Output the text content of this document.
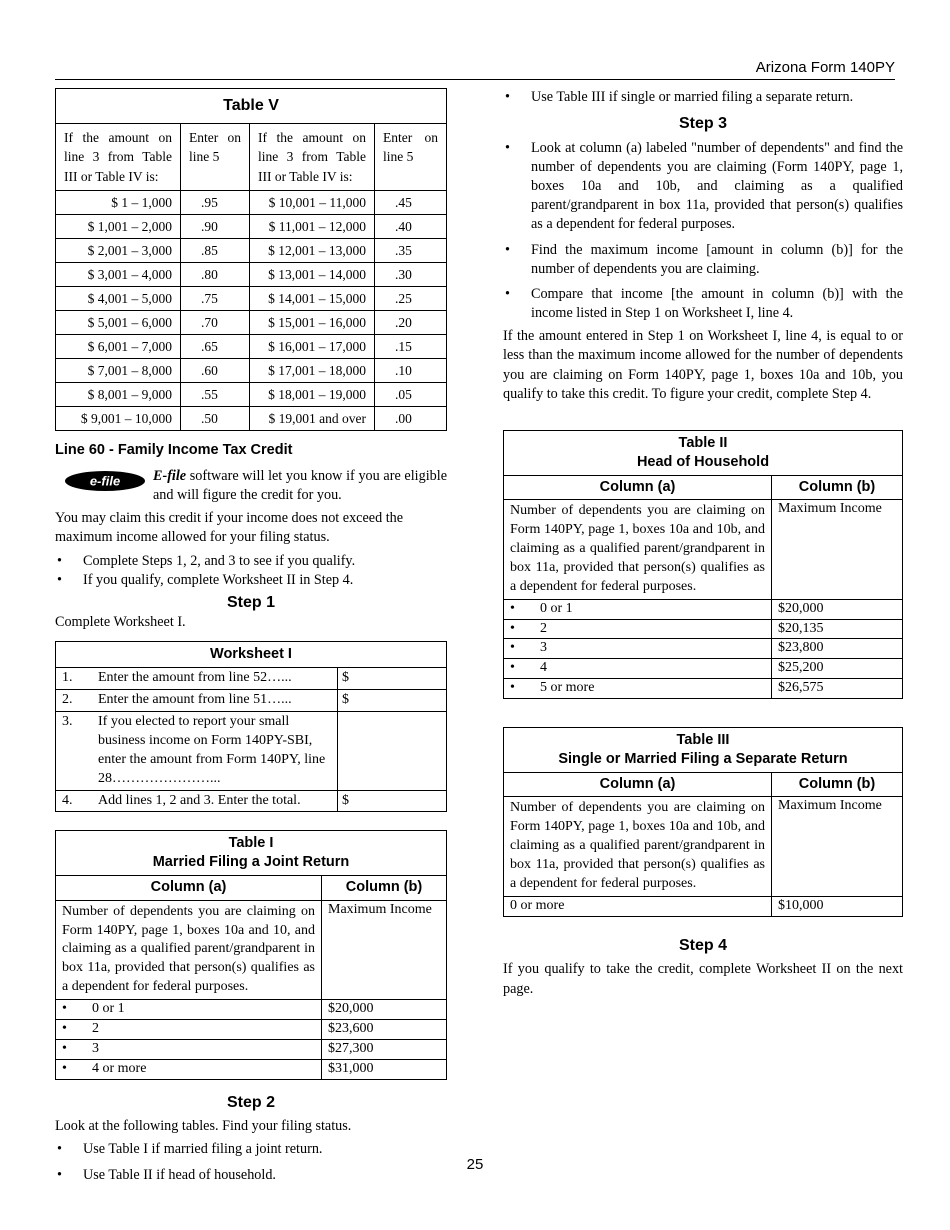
Arizona Form 140PY
Table V			
If the amount on line 3 from Table III or Table IV is:	Enter on line 5	If the amount on line 3 from Table III or Table IV is:	Enter on line 5
$ 1 – 1,000	.95	$ 10,001 – 11,000	.45
$ 1,001 – 2,000	.90	$ 11,001 – 12,000	.40
$ 2,001 – 3,000	.85	$ 12,001 – 13,000	.35
$ 3,001 – 4,000	.80	$ 13,001 – 14,000	.30
$ 4,001 – 5,000	.75	$ 14,001 – 15,000	.25
$ 5,001 – 6,000	.70	$ 15,001 – 16,000	.20
$ 6,001 – 7,000	.65	$ 16,001 – 17,000	.15
$ 7,001 – 8,000	.60	$ 17,001 – 18,000	.10
$ 8,001 – 9,000	.55	$ 18,001 – 19,000	.05
$ 9,001 – 10,000	.50	$ 19,001 and over	.00
Line 60 - Family Income Tax Credit
e-file E-file software will let you know if you are eligible and will figure the credit for you.

You may claim this credit if your income does not exceed the maximum income allowed for your filing status.

• Complete Steps 1, 2, and 3 to see if you qualify.
• If you qualify, complete Worksheet II in Step 4.
Step 1

Complete Worksheet I.

Worksheet I		
1.	Enter the amount from line 52…...	$
2.	Enter the amount from line 51…...	$
3.	If you elected to report your small business income on Form 140PY-SBI, enter the amount from Form 140PY, line 28…………………...	
4.	Add lines 1, 2 and 3. Enter the total.	$
Table I
Married Filing a Joint Return	
Column (a)	Column (b)
Number of dependents you are claiming on Form 140PY, page 1, boxes 10a and 10, and claiming as a qualified parent/grandparent in box 11a, provided that person(s) qualifies as a dependent for federal purposes.	Maximum Income
• 0 or 1	$20,000
• 2	$23,600
• 3	$27,300
• 4 or more	$31,000
Step 2

Look at the following tables. Find your filing status.

• Use Table I if married filing a joint return.
• Use Table II if head of household.
• Use Table III if single or married filing a separate return.
Step 3
• Look at column (a) labeled "number of dependents" and find the number of dependents you are claiming (Form 140PY, page 1, boxes 10a and 10b, and claiming as a qualified parent/grandparent in box 11a, provided that person(s) qualifies as a dependent for federal purposes.
• Find the maximum income [amount in column (b)] for the number of dependents you are claiming.
• Compare that income [the amount in column (b)] with the income listed in Step 1 on Worksheet I, line 4.

If the amount entered in Step 1 on Worksheet I, line 4, is equal to or less than the maximum income allowed for the number of dependents you are claiming on Form 140PY, page 1, boxes 10a and 10b, you qualify to take this credit. To figure your credit, complete Step 4.

Table II
Head of Household	
Column (a)	Column (b)
Number of dependents you are claiming on Form 140PY, page 1, boxes 10a and 10b, and claiming as a qualified parent/grandparent in box 11a, provided that person(s) qualifies as a dependent for federal purposes.	Maximum Income
• 0 or 1	$20,000
• 2	$20,135
• 3	$23,800
• 4	$25,200
• 5 or more	$26,575
Table III
Single or Married Filing a Separate Return	
Column (a)	Column (b)
Number of dependents you are claiming on Form 140PY, page 1, boxes 10a and 10b, and claiming as a qualified parent/grandparent in box 11a, provided that person(s) qualifies as a dependent for federal purposes.	Maximum Income
0 or more	$10,000
Step 4

If you qualify to take the credit, complete Worksheet II on the next page.

25
